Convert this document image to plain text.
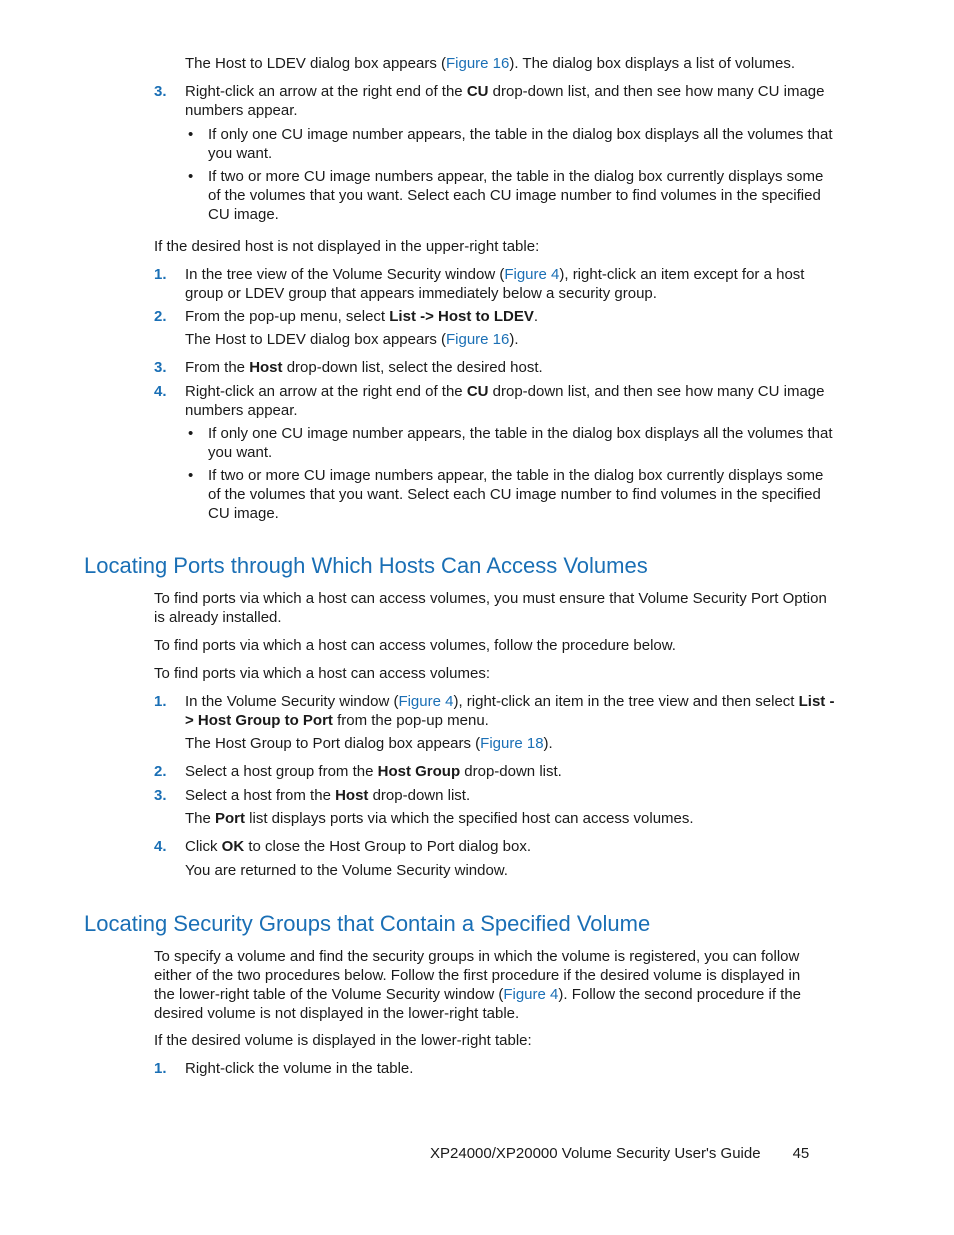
The Host to LDEV dialog box appears (Figure 16). The dialog box displays a list of volumes.
3. Right-click an arrow at the right end of the CU drop-down list, and then see how many CU image numbers appear.
• If only one CU image number appears, the table in the dialog box displays all the volumes that you want.
• If two or more CU image numbers appear, the table in the dialog box currently displays some of the volumes that you want. Select each CU image number to find volumes in the specified CU image.
If the desired host is not displayed in the upper-right table:
1. In the tree view of the Volume Security window (Figure 4), right-click an item except for a host group or LDEV group that appears immediately below a security group.
2. From the pop-up menu, select List -> Host to LDEV.
The Host to LDEV dialog box appears (Figure 16).
3. From the Host drop-down list, select the desired host.
4. Right-click an arrow at the right end of the CU drop-down list, and then see how many CU image numbers appear.
• If only one CU image number appears, the table in the dialog box displays all the volumes that you want.
• If two or more CU image numbers appear, the table in the dialog box currently displays some of the volumes that you want. Select each CU image number to find volumes in the specified CU image.
Locating Ports through Which Hosts Can Access Volumes
To find ports via which a host can access volumes, you must ensure that Volume Security Port Option is already installed.
To find ports via which a host can access volumes, follow the procedure below.
To find ports via which a host can access volumes:
1. In the Volume Security window (Figure 4), right-click an item in the tree view and then select List -> Host Group to Port from the pop-up menu.
The Host Group to Port dialog box appears (Figure 18).
2. Select a host group from the Host Group drop-down list.
3. Select a host from the Host drop-down list.
The Port list displays ports via which the specified host can access volumes.
4. Click OK to close the Host Group to Port dialog box.
You are returned to the Volume Security window.
Locating Security Groups that Contain a Specified Volume
To specify a volume and find the security groups in which the volume is registered, you can follow either of the two procedures below. Follow the first procedure if the desired volume is displayed in the lower-right table of the Volume Security window (Figure 4). Follow the second procedure if the desired volume is not displayed in the lower-right table.
If the desired volume is displayed in the lower-right table:
1. Right-click the volume in the table.
XP24000/XP20000 Volume Security User's Guide 45
